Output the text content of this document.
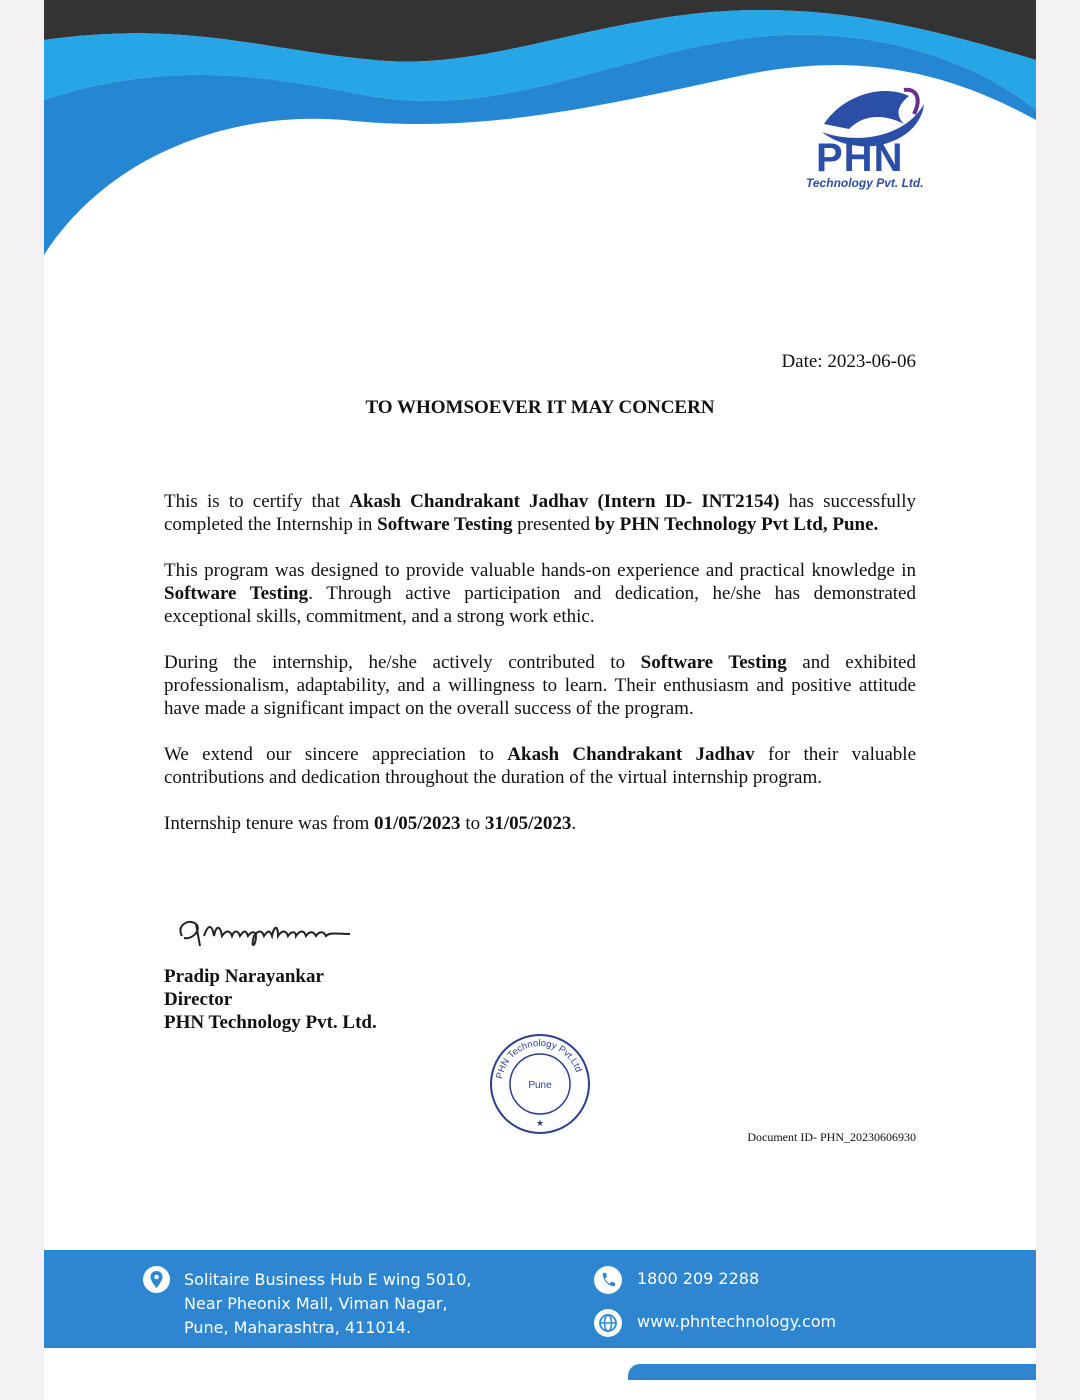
PHN
Technology Pvt. Ltd.
Date: 2023-06-06
TO WHOMSOEVER IT MAY CONCERN

This is to certify that Akash Chandrakant Jadhav (Intern ID- INT2154) has successfully completed the Internship in Software Testing presented by PHN Technology Pvt Ltd, Pune.

This program was designed to provide valuable hands-on experience and practical knowledge in Software Testing. Through active participation and dedication, he/she has demonstrated exceptional skills, commitment, and a strong work ethic.

During the internship, he/she actively contributed to Software Testing and exhibited professionalism, adaptability, and a willingness to learn. Their enthusiasm and positive attitude have made a significant impact on the overall success of the program.

We extend our sincere appreciation to Akash Chandrakant Jadhav for their valuable contributions and dedication throughout the duration of the virtual internship program.

Internship tenure was from 01/05/2023 to 31/05/2023.

Pradip Narayankar
Director
PHN Technology Pvt. Ltd.
PHN Technology Pvt.Ltd
Pune
★
Document ID- PHN_20230606930
Solitaire Business Hub E wing 5010,
Near Pheonix Mall, Viman Nagar,
Pune, Maharashtra, 411014.
1800 209 2288
www.phntechnology.com
